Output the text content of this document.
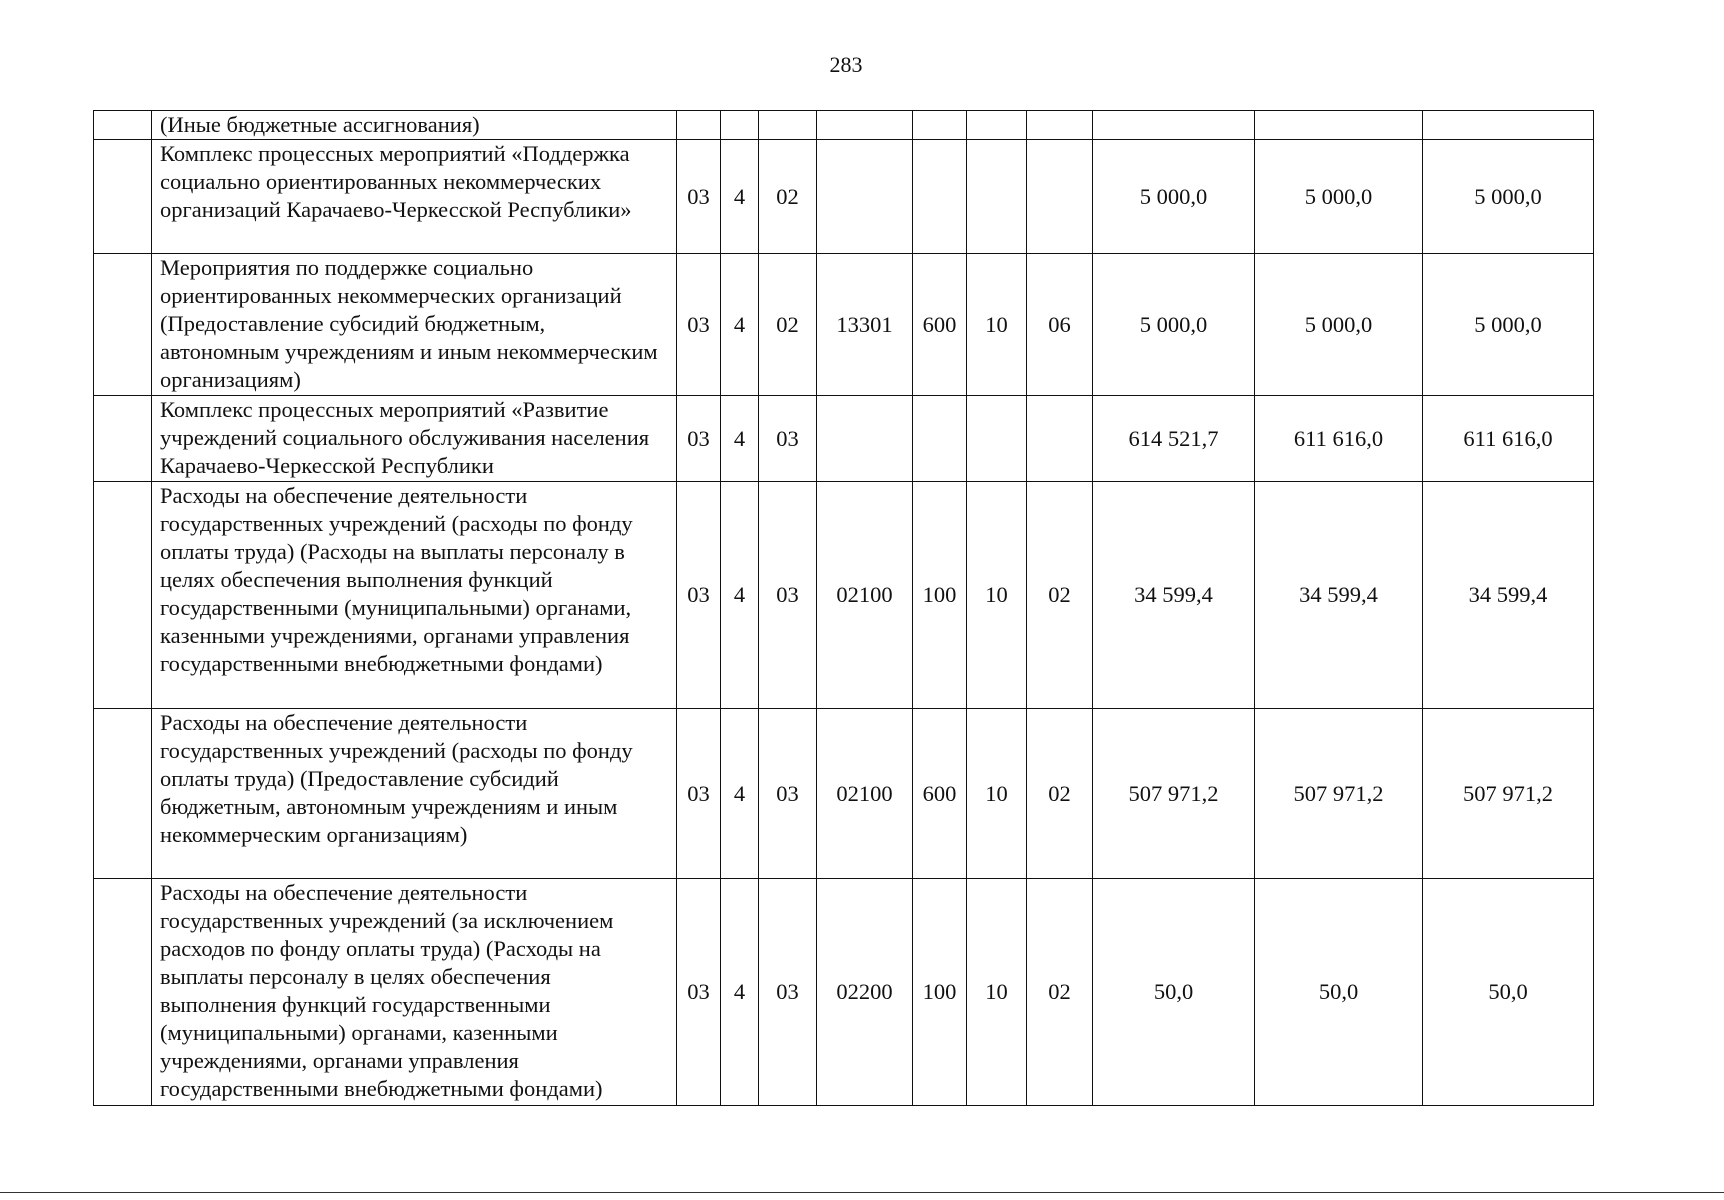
283
	(Иные бюджетные ассигнования)										
	Комплекс процессных мероприятий «Поддержка социально ориентированных некоммерческих организаций Карачаево-Черкесской Республики»	03	4	02					5 000,0	5 000,0	5 000,0
	Мероприятия по поддержке социально ориентированных некоммерческих организаций (Предоставление субсидий бюджетным, автономным учреждениям и иным некоммерческим организациям)	03	4	02	13301	600	10	06	5 000,0	5 000,0	5 000,0
	Комплекс процессных мероприятий «Развитие учреждений социального обслуживания населения Карачаево-Черкесской Республики	03	4	03					614 521,7	611 616,0	611 616,0
	Расходы на обеспечение деятельности государственных учреждений (расходы по фонду оплаты труда) (Расходы на выплаты персоналу в целях обеспечения выполнения функций государственными (муниципальными) органами, казенными учреждениями, органами управления государственными внебюджетными фондами)	03	4	03	02100	100	10	02	34 599,4	34 599,4	34 599,4
	Расходы на обеспечение деятельности государственных учреждений (расходы по фонду оплаты труда) (Предоставление субсидий бюджетным, автономным учреждениям и иным некоммерческим организациям)	03	4	03	02100	600	10	02	507 971,2	507 971,2	507 971,2
	Расходы на обеспечение деятельности государственных учреждений (за исключением расходов по фонду оплаты труда) (Расходы на выплаты персоналу в целях обеспечения выполнения функций государственными (муниципальными) органами, казенными учреждениями, органами управления государственными внебюджетными фондами)	03	4	03	02200	100	10	02	50,0	50,0	50,0
